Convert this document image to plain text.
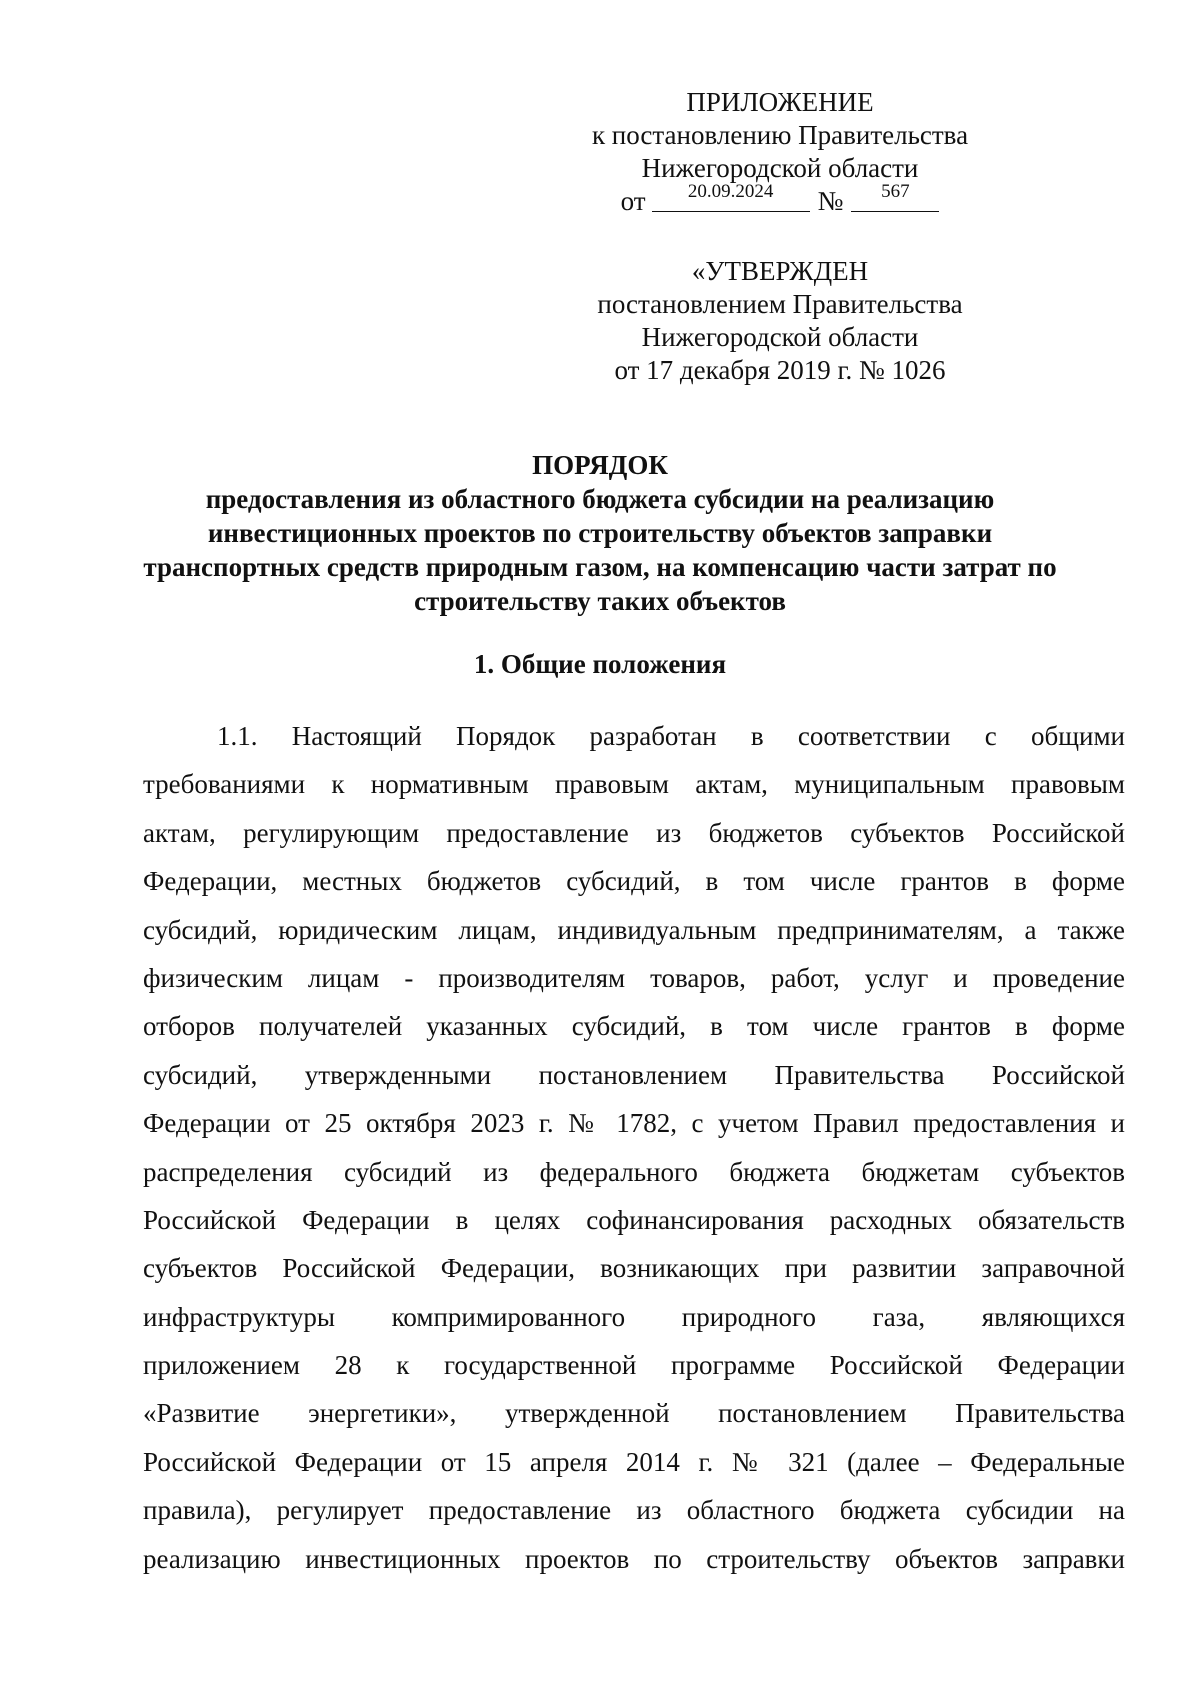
ПРИЛОЖЕНИЕ
к постановлению Правительства
Нижегородской области
от	20.09.2024	№	567
«УТВЕРЖДЕН
постановлением Правительства
Нижегородской области
от 17 декабря 2019 г. № 1026
ПОРЯДОК
предоставления из областного бюджета субсидии на реализацию
инвестиционных проектов по строительству объектов заправки
транспортных средств природным газом, на компенсацию части затрат по
строительству таких объектов
1. Общие положения
1.1. Настоящий Порядок разработан в соответствии с общими
требованиями к нормативным правовым актам, муниципальным правовым
актам, регулирующим предоставление из бюджетов субъектов Российской
Федерации, местных бюджетов субсидий, в том числе грантов в форме
субсидий, юридическим лицам, индивидуальным предпринимателям, а также
физическим лицам - производителям товаров, работ, услуг и проведение
отборов получателей указанных субсидий, в том числе грантов в форме
субсидий, утвержденными постановлением Правительства Российской
Федерации от 25 октября 2023 г. № 1782, с учетом Правил предоставления и
распределения субсидий из федерального бюджета бюджетам субъектов
Российской Федерации в целях софинансирования расходных обязательств
субъектов Российской Федерации, возникающих при развитии заправочной
инфраструктуры компримированного природного газа, являющихся
приложением 28 к государственной программе Российской Федерации
«Развитие энергетики», утвержденной постановлением Правительства
Российской Федерации от 15 апреля 2014 г. № 321 (далее – Федеральные
правила), регулирует предоставление из областного бюджета субсидии на
реализацию инвестиционных проектов по строительству объектов заправки
